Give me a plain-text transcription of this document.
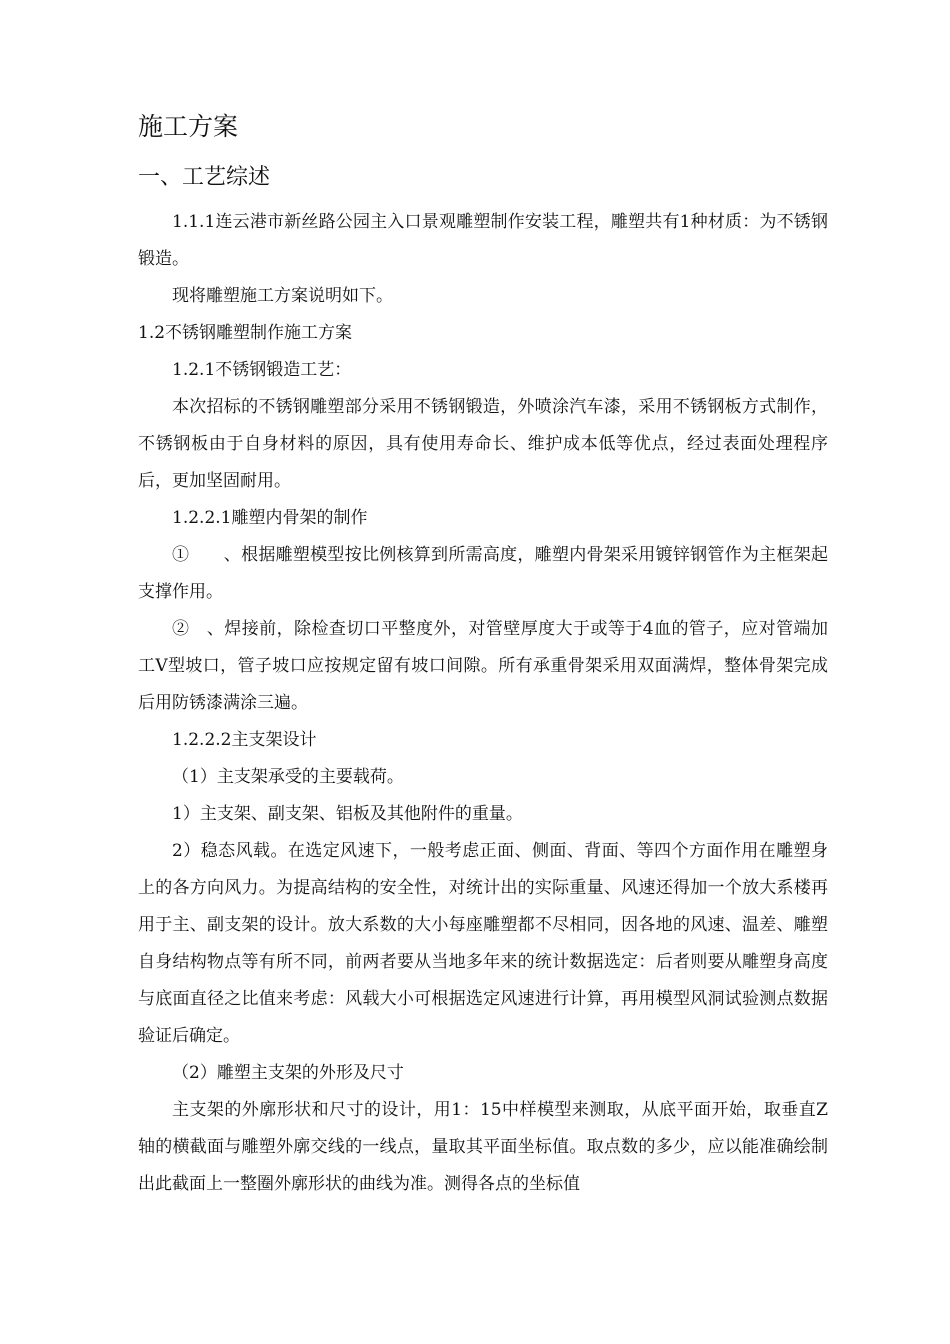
施工方案
一、工艺综述

1.1.1连云港市新丝路公园主入口景观雕塑制作安装工程，雕塑共有1种材质：为不锈钢锻造。

现将雕塑施工方案说明如下。

1.2不锈钢雕塑制作施工方案

1.2.1不锈钢锻造工艺：

本次招标的不锈钢雕塑部分采用不锈钢锻造，外喷涂汽车漆，采用不锈钢板方式制作，不锈钢板由于自身材料的原因，具有使用寿命长、维护成本低等优点，经过表面处理程序后，更加坚固耐用。

1.2.2.1雕塑内骨架的制作

①　　、根据雕塑模型按比例核算到所需高度，雕塑内骨架采用镀锌钢管作为主框架起支撑作用。

②　、焊接前，除检查切口平整度外，对管壁厚度大于或等于4血的管子，应对管端加工V型坡口，管子坡口应按规定留有坡口间隙。所有承重骨架采用双面满焊，整体骨架完成后用防锈漆满涂三遍。

1.2.2.2主支架设计

（1）主支架承受的主要载荷。

1）主支架、副支架、铝板及其他附件的重量。

2）稳态风载。在选定风速下，一般考虑正面、侧面、背面、等四个方面作用在雕塑身上的各方向风力。为提高结构的安全性，对统计出的实际重量、风速还得加一个放大系楼再用于主、副支架的设计。放大系数的大小每座雕塑都不尽相同，因各地的风速、温差、雕塑自身结构物点等有所不同，前两者要从当地多年来的统计数据选定：后者则要从雕塑身高度与底面直径之比值来考虑：风载大小可根据选定风速进行计算，再用模型风洞试验测点数据验证后确定。

（2）雕塑主支架的外形及尺寸

主支架的外廓形状和尺寸的设计，用1：15中样模型来测取，从底平面开始，取垂直Z轴的横截面与雕塑外廓交线的一线点，量取其平面坐标值。取点数的多少，应以能准确绘制出此截面上一整圈外廓形状的曲线为准。测得各点的坐标值
